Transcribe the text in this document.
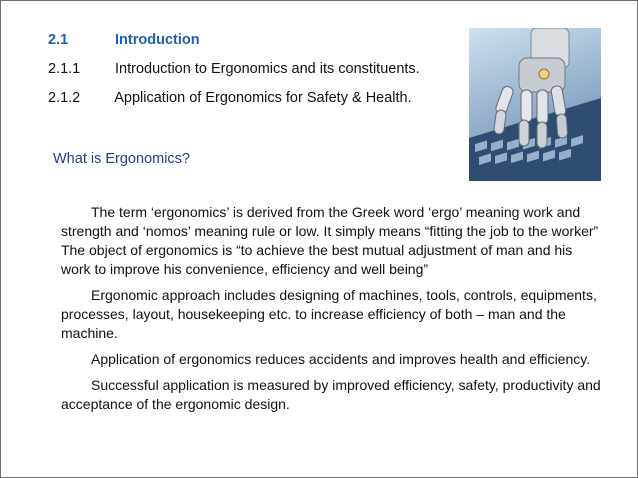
2.1	Introduction
2.1.1 Introduction to Ergonomics and its constituents.
2.1.2 Application of Ergonomics for Safety & Health.
What is Ergonomics?

The term ‘ergonomics’ is derived from the Greek word ‘ergo’ meaning work and strength and ‘nomos’ meaning rule or low. It simply means “fitting the job to the worker” The object of ergonomics is “to achieve the best mutual adjustment of man and his work to improve his convenience, efficiency and well being”

Ergonomic approach includes designing of machines, tools, controls, equipments, processes, layout, housekeeping etc. to increase efficiency of both – man and the machine.

Application of ergonomics reduces accidents and improves health and efficiency.

Successful application is measured by improved efficiency, safety, productivity and acceptance of the ergonomic design.
